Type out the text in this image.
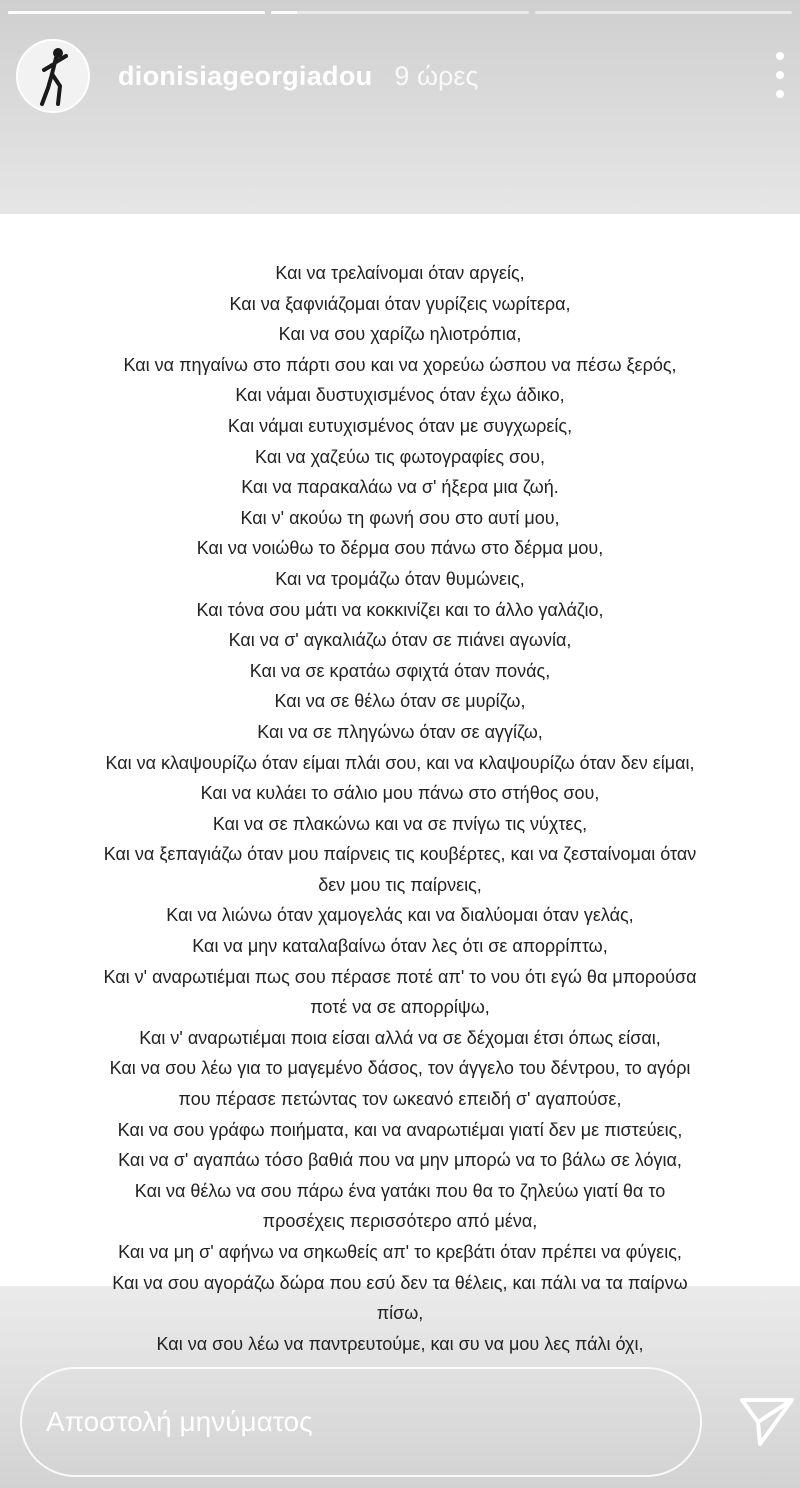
dionisiageorgiadou 9 ώρες
Και να τρελαίνομαι όταν αργείς,
Και να ξαφνιάζομαι όταν γυρίζεις νωρίτερα,
Και να σου χαρίζω ηλιοτρόπια,
Και να πηγαίνω στο πάρτι σου και να χορεύω ώσπου να πέσω ξερός,
Και νάμαι δυστυχισμένος όταν έχω άδικο,
Και νάμαι ευτυχισμένος όταν με συγχωρείς,
Και να χαζεύω τις φωτογραφίες σου,
Και να παρακαλάω να σ' ήξερα μια ζωή.
Και ν' ακούω τη φωνή σου στο αυτί μου,
Και να νοιώθω το δέρμα σου πάνω στο δέρμα μου,
Και να τρομάζω όταν θυμώνεις,
Και τόνα σου μάτι να κοκκινίζει και το άλλο γαλάζιο,
Και να σ' αγκαλιάζω όταν σε πιάνει αγωνία,
Και να σε κρατάω σφιχτά όταν πονάς,
Και να σε θέλω όταν σε μυρίζω,
Και να σε πληγώνω όταν σε αγγίζω,
Και να κλαψουρίζω όταν είμαι πλάι σου, και να κλαψουρίζω όταν δεν είμαι,
Και να κυλάει το σάλιο μου πάνω στο στήθος σου,
Και να σε πλακώνω και να σε πνίγω τις νύχτες,
Και να ξεπαγιάζω όταν μου παίρνεις τις κουβέρτες, και να ζεσταίνομαι όταν
δεν μου τις παίρνεις,
Και να λιώνω όταν χαμογελάς και να διαλύομαι όταν γελάς,
Και να μην καταλαβαίνω όταν λες ότι σε απορρίπτω,
Και ν' αναρωτιέμαι πως σου πέρασε ποτέ απ' το νου ότι εγώ θα μπορούσα
ποτέ να σε απορρίψω,
Και ν' αναρωτιέμαι ποια είσαι αλλά να σε δέχομαι έτσι όπως είσαι,
Και να σου λέω για το μαγεμένο δάσος, τον άγγελο του δέντρου, το αγόρι
που πέρασε πετώντας τον ωκεανό επειδή σ' αγαπούσε,
Και να σου γράφω ποιήματα, και να αναρωτιέμαι γιατί δεν με πιστεύεις,
Και να σ' αγαπάω τόσο βαθιά που να μην μπορώ να το βάλω σε λόγια,
Και να θέλω να σου πάρω ένα γατάκι που θα το ζηλεύω γιατί θα το
προσέχεις περισσότερο από μένα,
Και να μη σ' αφήνω να σηκωθείς απ' το κρεβάτι όταν πρέπει να φύγεις,
Και να σου αγοράζω δώρα που εσύ δεν τα θέλεις, και πάλι να τα παίρνω
πίσω,
Και να σου λέω να παντρευτούμε, και συ να μου λες πάλι όχι,
Αποστολή μηνύματος
